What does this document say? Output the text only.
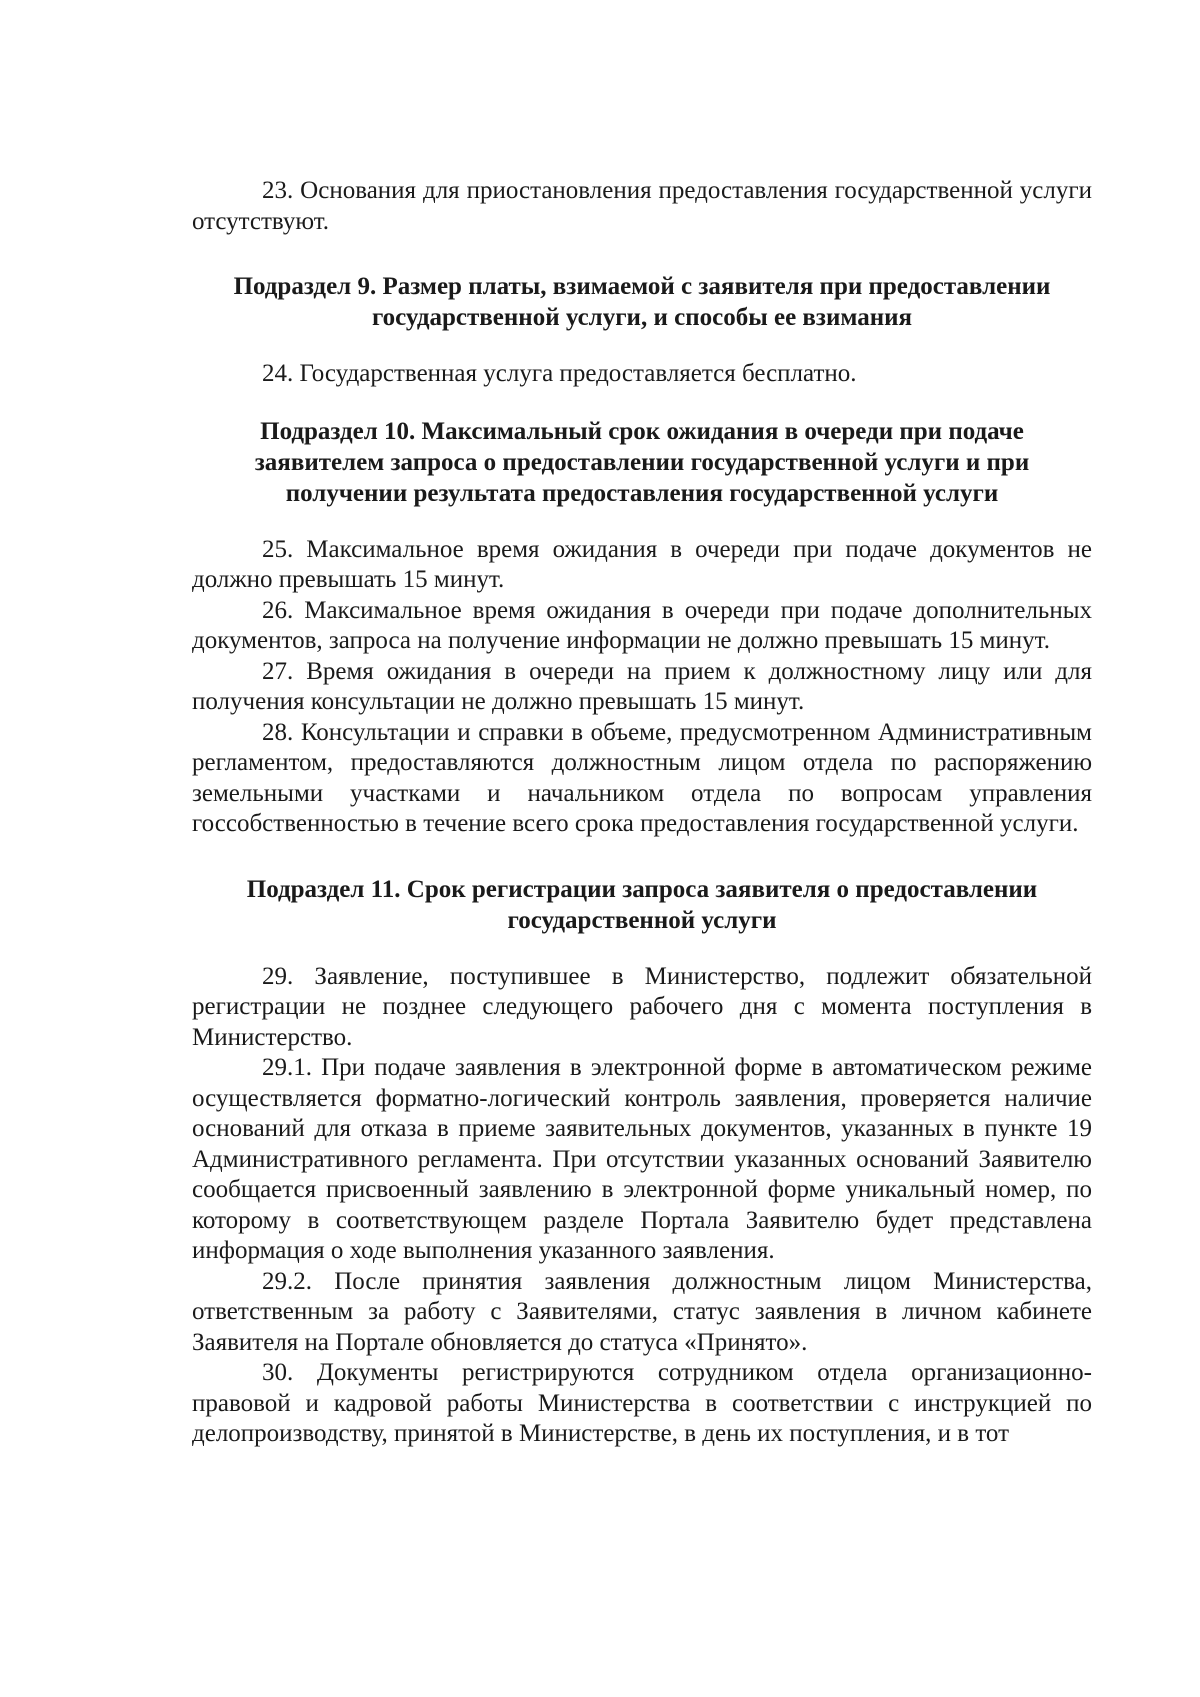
23. Основания для приостановления предоставления государственной услуги отсутствуют.

Подраздел 9. Размер платы, взимаемой с заявителя при предоставлении
государственной услуги, и способы ее взимания

24. Государственная услуга предоставляется бесплатно.

Подраздел 10. Максимальный срок ожидания в очереди при подаче
заявителем запроса о предоставлении государственной услуги и при
получении результата предоставления государственной услуги

25. Максимальное время ожидания в очереди при подаче документов не должно превышать 15 минут.

26. Максимальное время ожидания в очереди при подаче дополнительных документов, запроса на получение информации не должно превышать 15 минут.

27. Время ожидания в очереди на прием к должностному лицу или для получения консультации не должно превышать 15 минут.

28. Консультации и справки в объеме, предусмотренном Административным регламентом, предоставляются должностным лицом отдела по распоряжению земельными участками и начальником отдела по вопросам управления госсобственностью в течение всего срока предоставления государственной услуги.

Подраздел 11. Срок регистрации запроса заявителя о предоставлении
государственной услуги

29. Заявление, поступившее в Министерство, подлежит обязательной регистрации не позднее следующего рабочего дня с момента поступления в Министерство.

29.1. При подаче заявления в электронной форме в автоматическом режиме осуществляется форматно-логический контроль заявления, проверяется наличие оснований для отказа в приеме заявительных документов, указанных в пункте 19 Административного регламента. При отсутствии указанных оснований Заявителю сообщается присвоенный заявлению в электронной форме уникальный номер, по которому в соответствующем разделе Портала Заявителю будет представлена информация о ходе выполнения указанного заявления.

29.2. После принятия заявления должностным лицом Министерства, ответственным за работу с Заявителями, статус заявления в личном кабинете Заявителя на Портале обновляется до статуса «Принято».

30. Документы регистрируются сотрудником отдела организационно-правовой и кадровой работы Министерства в соответствии с инструкцией по делопроизводству, принятой в Министерстве, в день их поступления, и в тот
